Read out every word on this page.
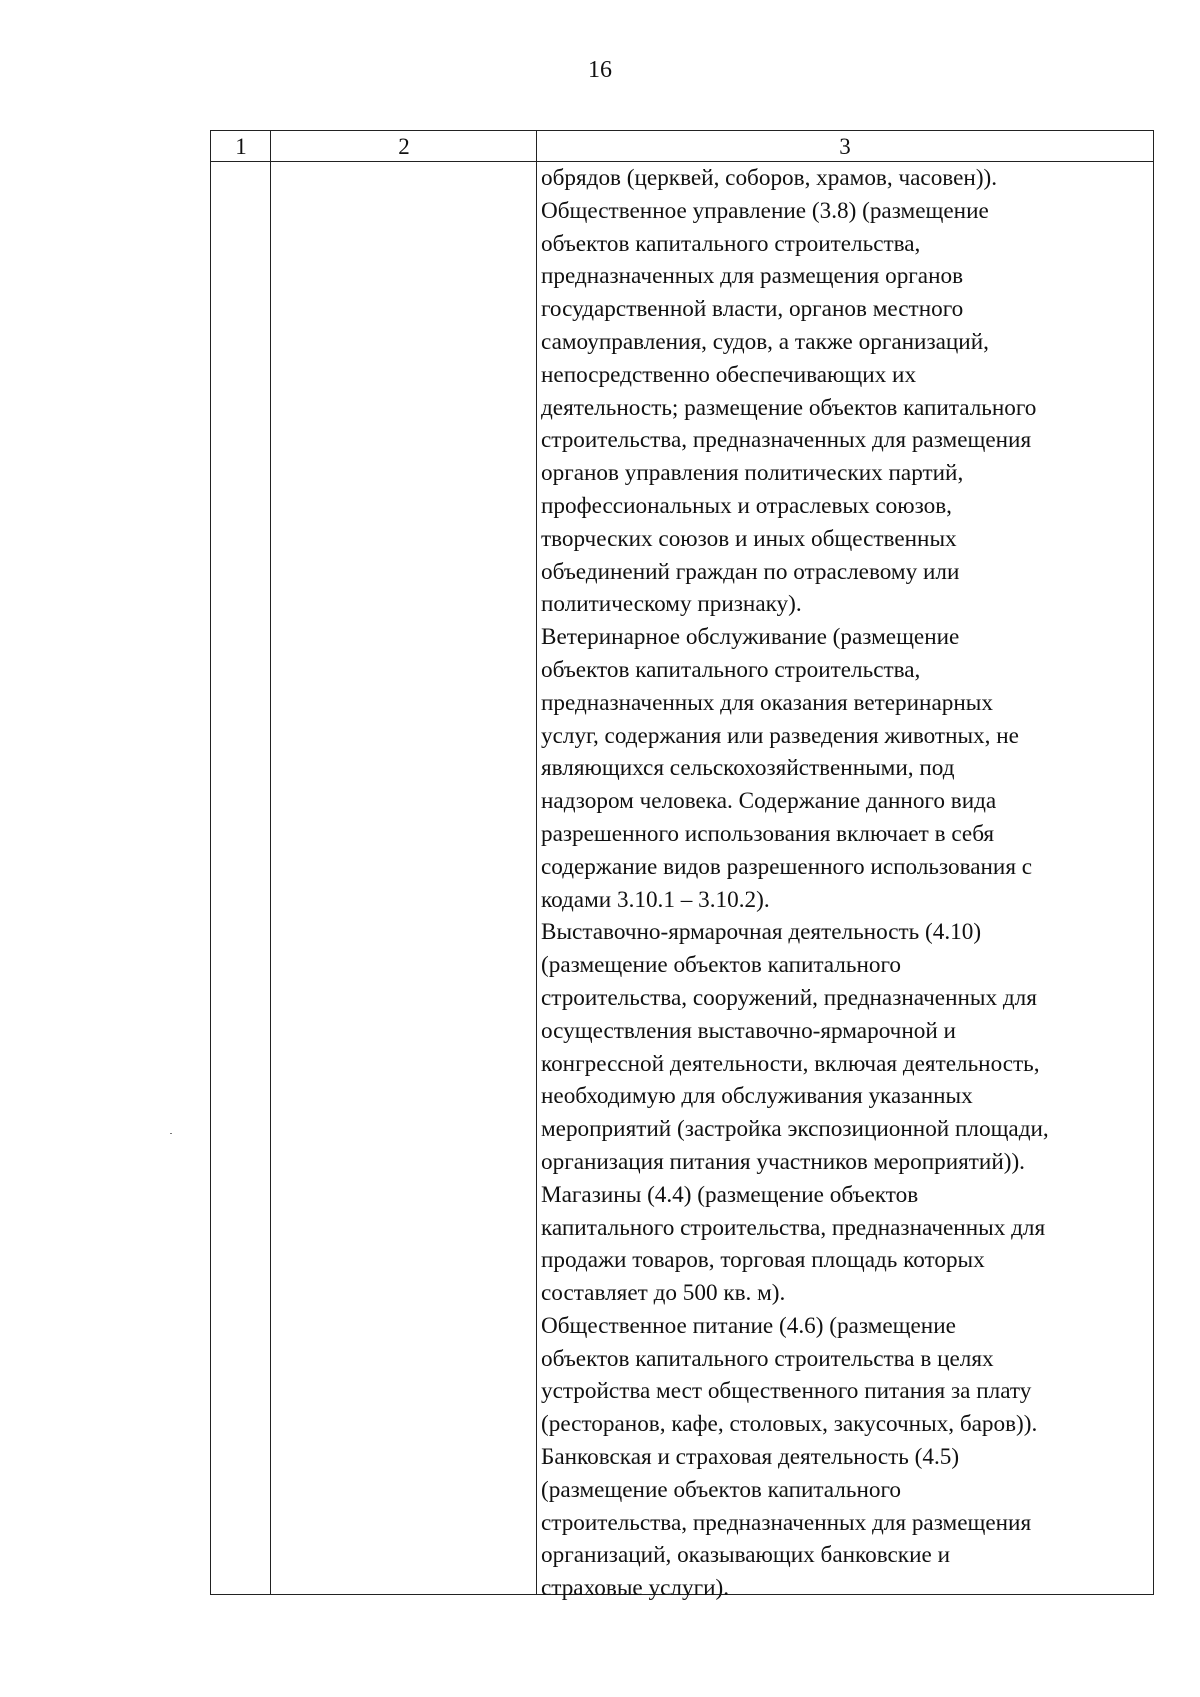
16
1	2	3
обрядов (церквей, соборов, храмов, часовен)).
Общественное управление (3.8) (размещение
объектов капитального строительства,
предназначенных для размещения органов
государственной власти, органов местного
самоуправления, судов, а также организаций,
непосредственно обеспечивающих их
деятельность; размещение объектов капитального
строительства, предназначенных для размещения
органов управления политических партий,
профессиональных и отраслевых союзов,
творческих союзов и иных общественных
объединений граждан по отраслевому или
политическому признаку).
Ветеринарное обслуживание (размещение
объектов капитального строительства,
предназначенных для оказания ветеринарных
услуг, содержания или разведения животных, не
являющихся сельскохозяйственными, под
надзором человека. Содержание данного вида
разрешенного использования включает в себя
содержание видов разрешенного использования с
кодами 3.10.1 – 3.10.2).
Выставочно-ярмарочная деятельность (4.10)
(размещение объектов капитального
строительства, сооружений, предназначенных для
осуществления выставочно-ярмарочной и
конгрессной деятельности, включая деятельность,
необходимую для обслуживания указанных
мероприятий (застройка экспозиционной площади,
организация питания участников мероприятий)).
Магазины (4.4) (размещение объектов
капитального строительства, предназначенных для
продажи товаров, торговая площадь которых
составляет до 500 кв. м).
Общественное питание (4.6) (размещение
объектов капитального строительства в целях
устройства мест общественного питания за плату
(ресторанов, кафе, столовых, закусочных, баров)).
Банковская и страховая деятельность (4.5)
(размещение объектов капитального
строительства, предназначенных для размещения
организаций, оказывающих банковские и
страховые услуги).
